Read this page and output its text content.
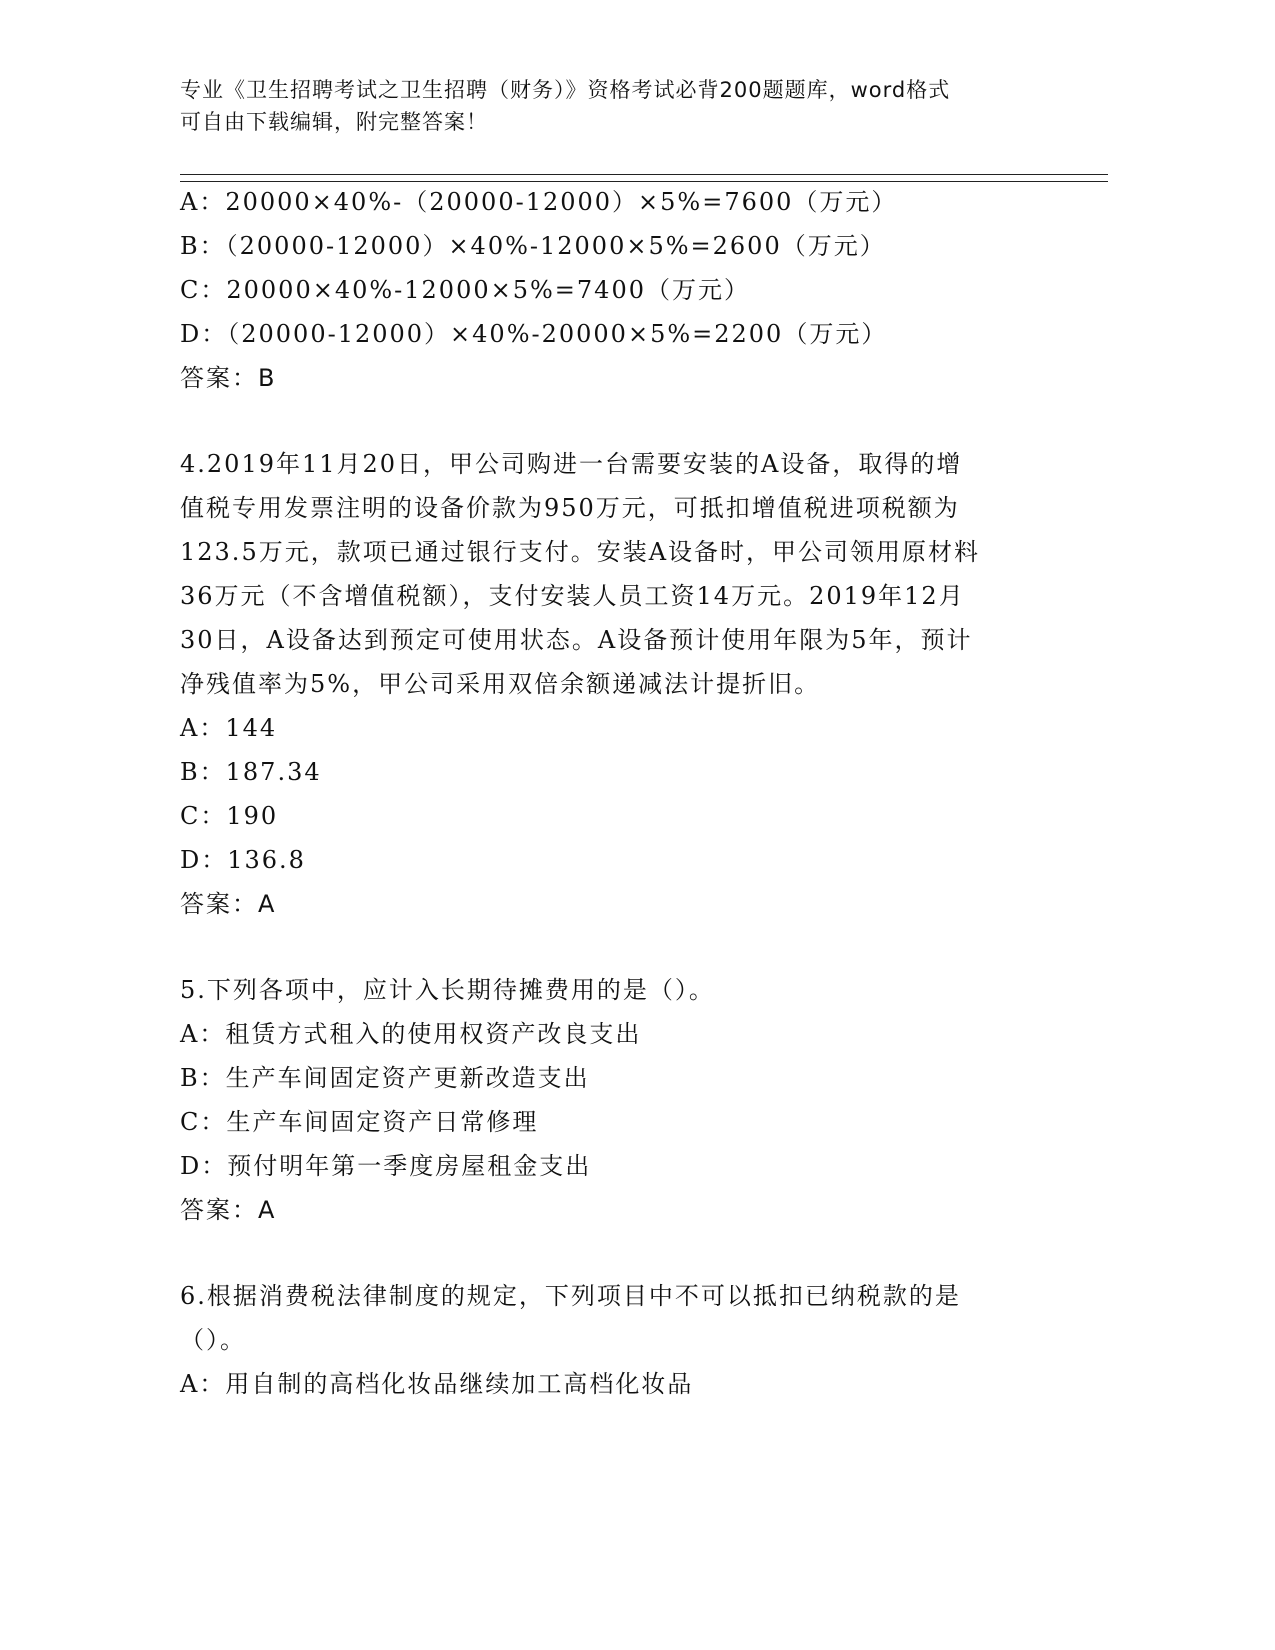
专业《卫生招聘考试之卫生招聘（财务）》资格考试必背200题题库，word格式
可自由下载编辑，附完整答案！
A：20000×40%-（20000-12000）×5%=7600（万元）
B：（20000-12000）×40%-12000×5%=2600（万元）
C：20000×40%-12000×5%=7400（万元）
D：（20000-12000）×40%-20000×5%=2200（万元）
答案：B
4.2019年11月20日，甲公司购进一台需要安装的A设备，取得的增
值税专用发票注明的设备价款为950万元，可抵扣增值税进项税额为
123.5万元，款项已通过银行支付。安装A设备时，甲公司领用原材料
36万元（不含增值税额），支付安装人员工资14万元。2019年12月
30日，A设备达到预定可使用状态。A设备预计使用年限为5年，预计
净残值率为5%，甲公司采用双倍余额递减法计提折旧。
A：144
B：187.34
C：190
D：136.8
答案：A
5.下列各项中，应计入长期待摊费用的是（）。
A：租赁方式租入的使用权资产改良支出
B：生产车间固定资产更新改造支出
C：生产车间固定资产日常修理
D：预付明年第一季度房屋租金支出
答案：A
6.根据消费税法律制度的规定，下列项目中不可以抵扣已纳税款的是
（）。
A：用自制的高档化妆品继续加工高档化妆品
